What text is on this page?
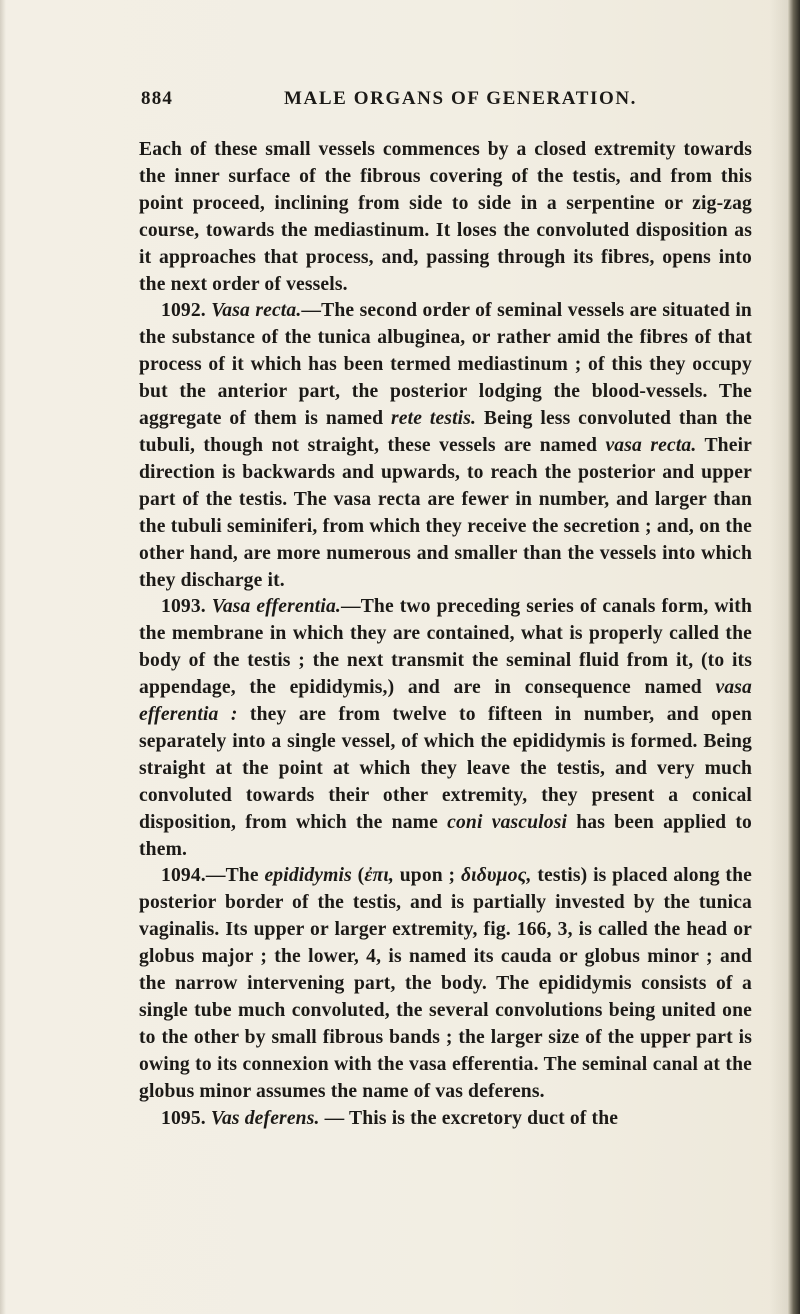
884	MALE ORGANS OF GENERATION.

Each of these small vessels commences by a closed extremity towards the inner surface of the fibrous covering of the testis, and from this point proceed, inclining from side to side in a serpentine or zig-zag course, towards the mediastinum. It loses the convoluted disposition as it approaches that process, and, passing through its fibres, opens into the next order of vessels.

1092. Vasa recta.—The second order of seminal vessels are situated in the substance of the tunica albuginea, or rather amid the fibres of that process of it which has been termed mediastinum ; of this they occupy but the anterior part, the posterior lodging the blood-vessels. The aggregate of them is named rete testis. Being less convoluted than the tubuli, though not straight, these vessels are named vasa recta. Their direction is backwards and upwards, to reach the posterior and upper part of the testis. The vasa recta are fewer in number, and larger than the tubuli seminiferi, from which they receive the secretion ; and, on the other hand, are more numerous and smaller than the vessels into which they discharge it.

1093. Vasa efferentia.—The two preceding series of canals form, with the membrane in which they are contained, what is properly called the body of the testis ; the next transmit the seminal fluid from it, (to its appendage, the epididymis,) and are in consequence named vasa efferentia : they are from twelve to fifteen in number, and open separately into a single vessel, of which the epididymis is formed. Being straight at the point at which they leave the testis, and very much convoluted towards their other extremity, they present a conical disposition, from which the name coni vasculosi has been applied to them.

1094.—The epididymis (ἐπι, upon ; διδυμος, testis) is placed along the posterior border of the testis, and is partially invested by the tunica vaginalis. Its upper or larger extremity, fig. 166, 3, is called the head or globus major ; the lower, 4, is named its cauda or globus minor ; and the narrow intervening part, the body. The epididymis consists of a single tube much convoluted, the several convolutions being united one to the other by small fibrous bands ; the larger size of the upper part is owing to its connexion with the vasa efferentia. The seminal canal at the globus minor assumes the name of vas deferens.

1095. Vas deferens. — This is the excretory duct of the
